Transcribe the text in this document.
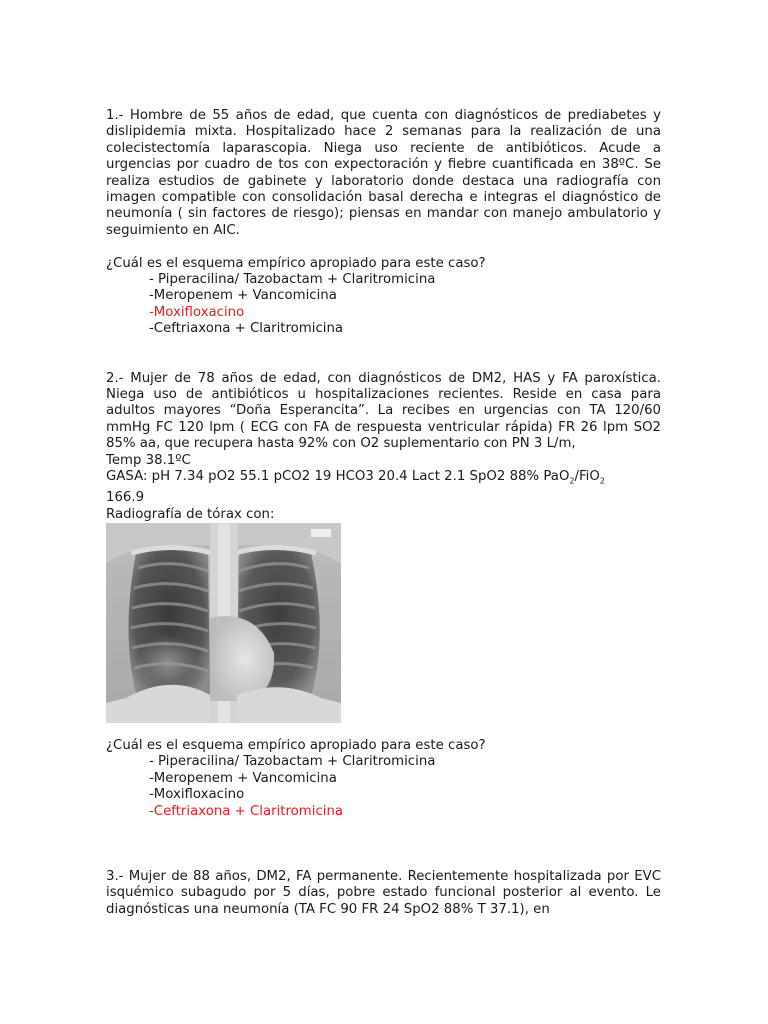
1.- Hombre de 55 años de edad, que cuenta con diagnósticos de prediabetes y dislipidemia mixta. Hospitalizado hace 2 semanas para la realización de una colecistectomía laparascopia. Niega uso reciente de antibióticos. Acude a urgencias por cuadro de tos con expectoración y fiebre cuantificada en 38ºC. Se realiza estudios de gabinete y laboratorio donde destaca una radiografía con imagen compatible con consolidación basal derecha e integras el diagnóstico de neumonía ( sin factores de riesgo); piensas en mandar con manejo ambulatorio y seguimiento en AIC.

¿Cuál es el esquema empírico apropiado para este caso?

- Piperacilina/ Tazobactam + Claritromicina

-Meropenem + Vancomicina

-Moxifloxacino

-Ceftriaxona + Claritromicina

2.- Mujer de 78 años de edad, con diagnósticos de DM2, HAS y FA paroxística. Niega uso de antibióticos u hospitalizaciones recientes. Reside en casa para adultos mayores “Doña Esperancita”. La recibes en urgencias con TA 120/60 mmHg FC 120 lpm ( ECG con FA de respuesta ventricular rápida) FR 26 lpm SO2 85% aa, que recupera hasta 92% con O2 suplementario con PN 3 L/m,

Temp 38.1ºC

GASA: pH 7.34 pO2 55.1 pCO2 19 HCO3 20.4 Lact 2.1 SpO2 88% PaO$_2$/FiO$_2$

166.9

Radiografía de tórax con:

¿Cuál es el esquema empírico apropiado para este caso?

- Piperacilina/ Tazobactam + Claritromicina

-Meropenem + Vancomicina

-Moxifloxacino

-Ceftriaxona + Claritromicina

3.- Mujer de 88 años, DM2, FA permanente. Recientemente hospitalizada por EVC isquémico subagudo por 5 días, pobre estado funcional posterior al evento. Le diagnósticas una neumonía (TA FC 90 FR 24 SpO2 88% T 37.1), en
